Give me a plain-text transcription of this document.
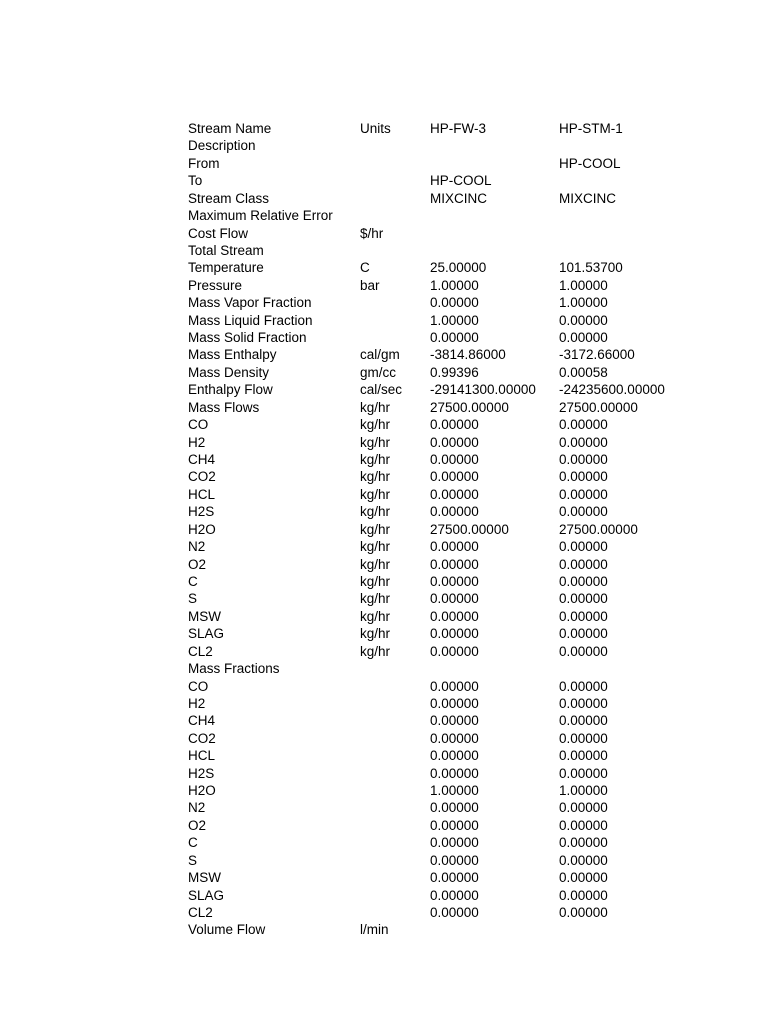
Stream Name	Units	HP-FW-3	HP-STM-1
Description			
From			HP-COOL
To		HP-COOL	
Stream Class		MIXCINC	MIXCINC
Maximum Relative Error			
Cost Flow	$/hr		
Total Stream			
Temperature	C	25.00000	101.53700
Pressure	bar	1.00000	1.00000
Mass Vapor Fraction		0.00000	1.00000
Mass Liquid Fraction		1.00000	0.00000
Mass Solid Fraction		0.00000	0.00000
Mass Enthalpy	cal/gm	-3814.86000	-3172.66000
Mass Density	gm/cc	0.99396	0.00058
Enthalpy Flow	cal/sec	-29141300.00000	-24235600.00000
Mass Flows	kg/hr	27500.00000	27500.00000
CO	kg/hr	0.00000	0.00000
H2	kg/hr	0.00000	0.00000
CH4	kg/hr	0.00000	0.00000
CO2	kg/hr	0.00000	0.00000
HCL	kg/hr	0.00000	0.00000
H2S	kg/hr	0.00000	0.00000
H2O	kg/hr	27500.00000	27500.00000
N2	kg/hr	0.00000	0.00000
O2	kg/hr	0.00000	0.00000
C	kg/hr	0.00000	0.00000
S	kg/hr	0.00000	0.00000
MSW	kg/hr	0.00000	0.00000
SLAG	kg/hr	0.00000	0.00000
CL2	kg/hr	0.00000	0.00000
Mass Fractions			
CO		0.00000	0.00000
H2		0.00000	0.00000
CH4		0.00000	0.00000
CO2		0.00000	0.00000
HCL		0.00000	0.00000
H2S		0.00000	0.00000
H2O		1.00000	1.00000
N2		0.00000	0.00000
O2		0.00000	0.00000
C		0.00000	0.00000
S		0.00000	0.00000
MSW		0.00000	0.00000
SLAG		0.00000	0.00000
CL2		0.00000	0.00000
Volume Flow	l/min		
